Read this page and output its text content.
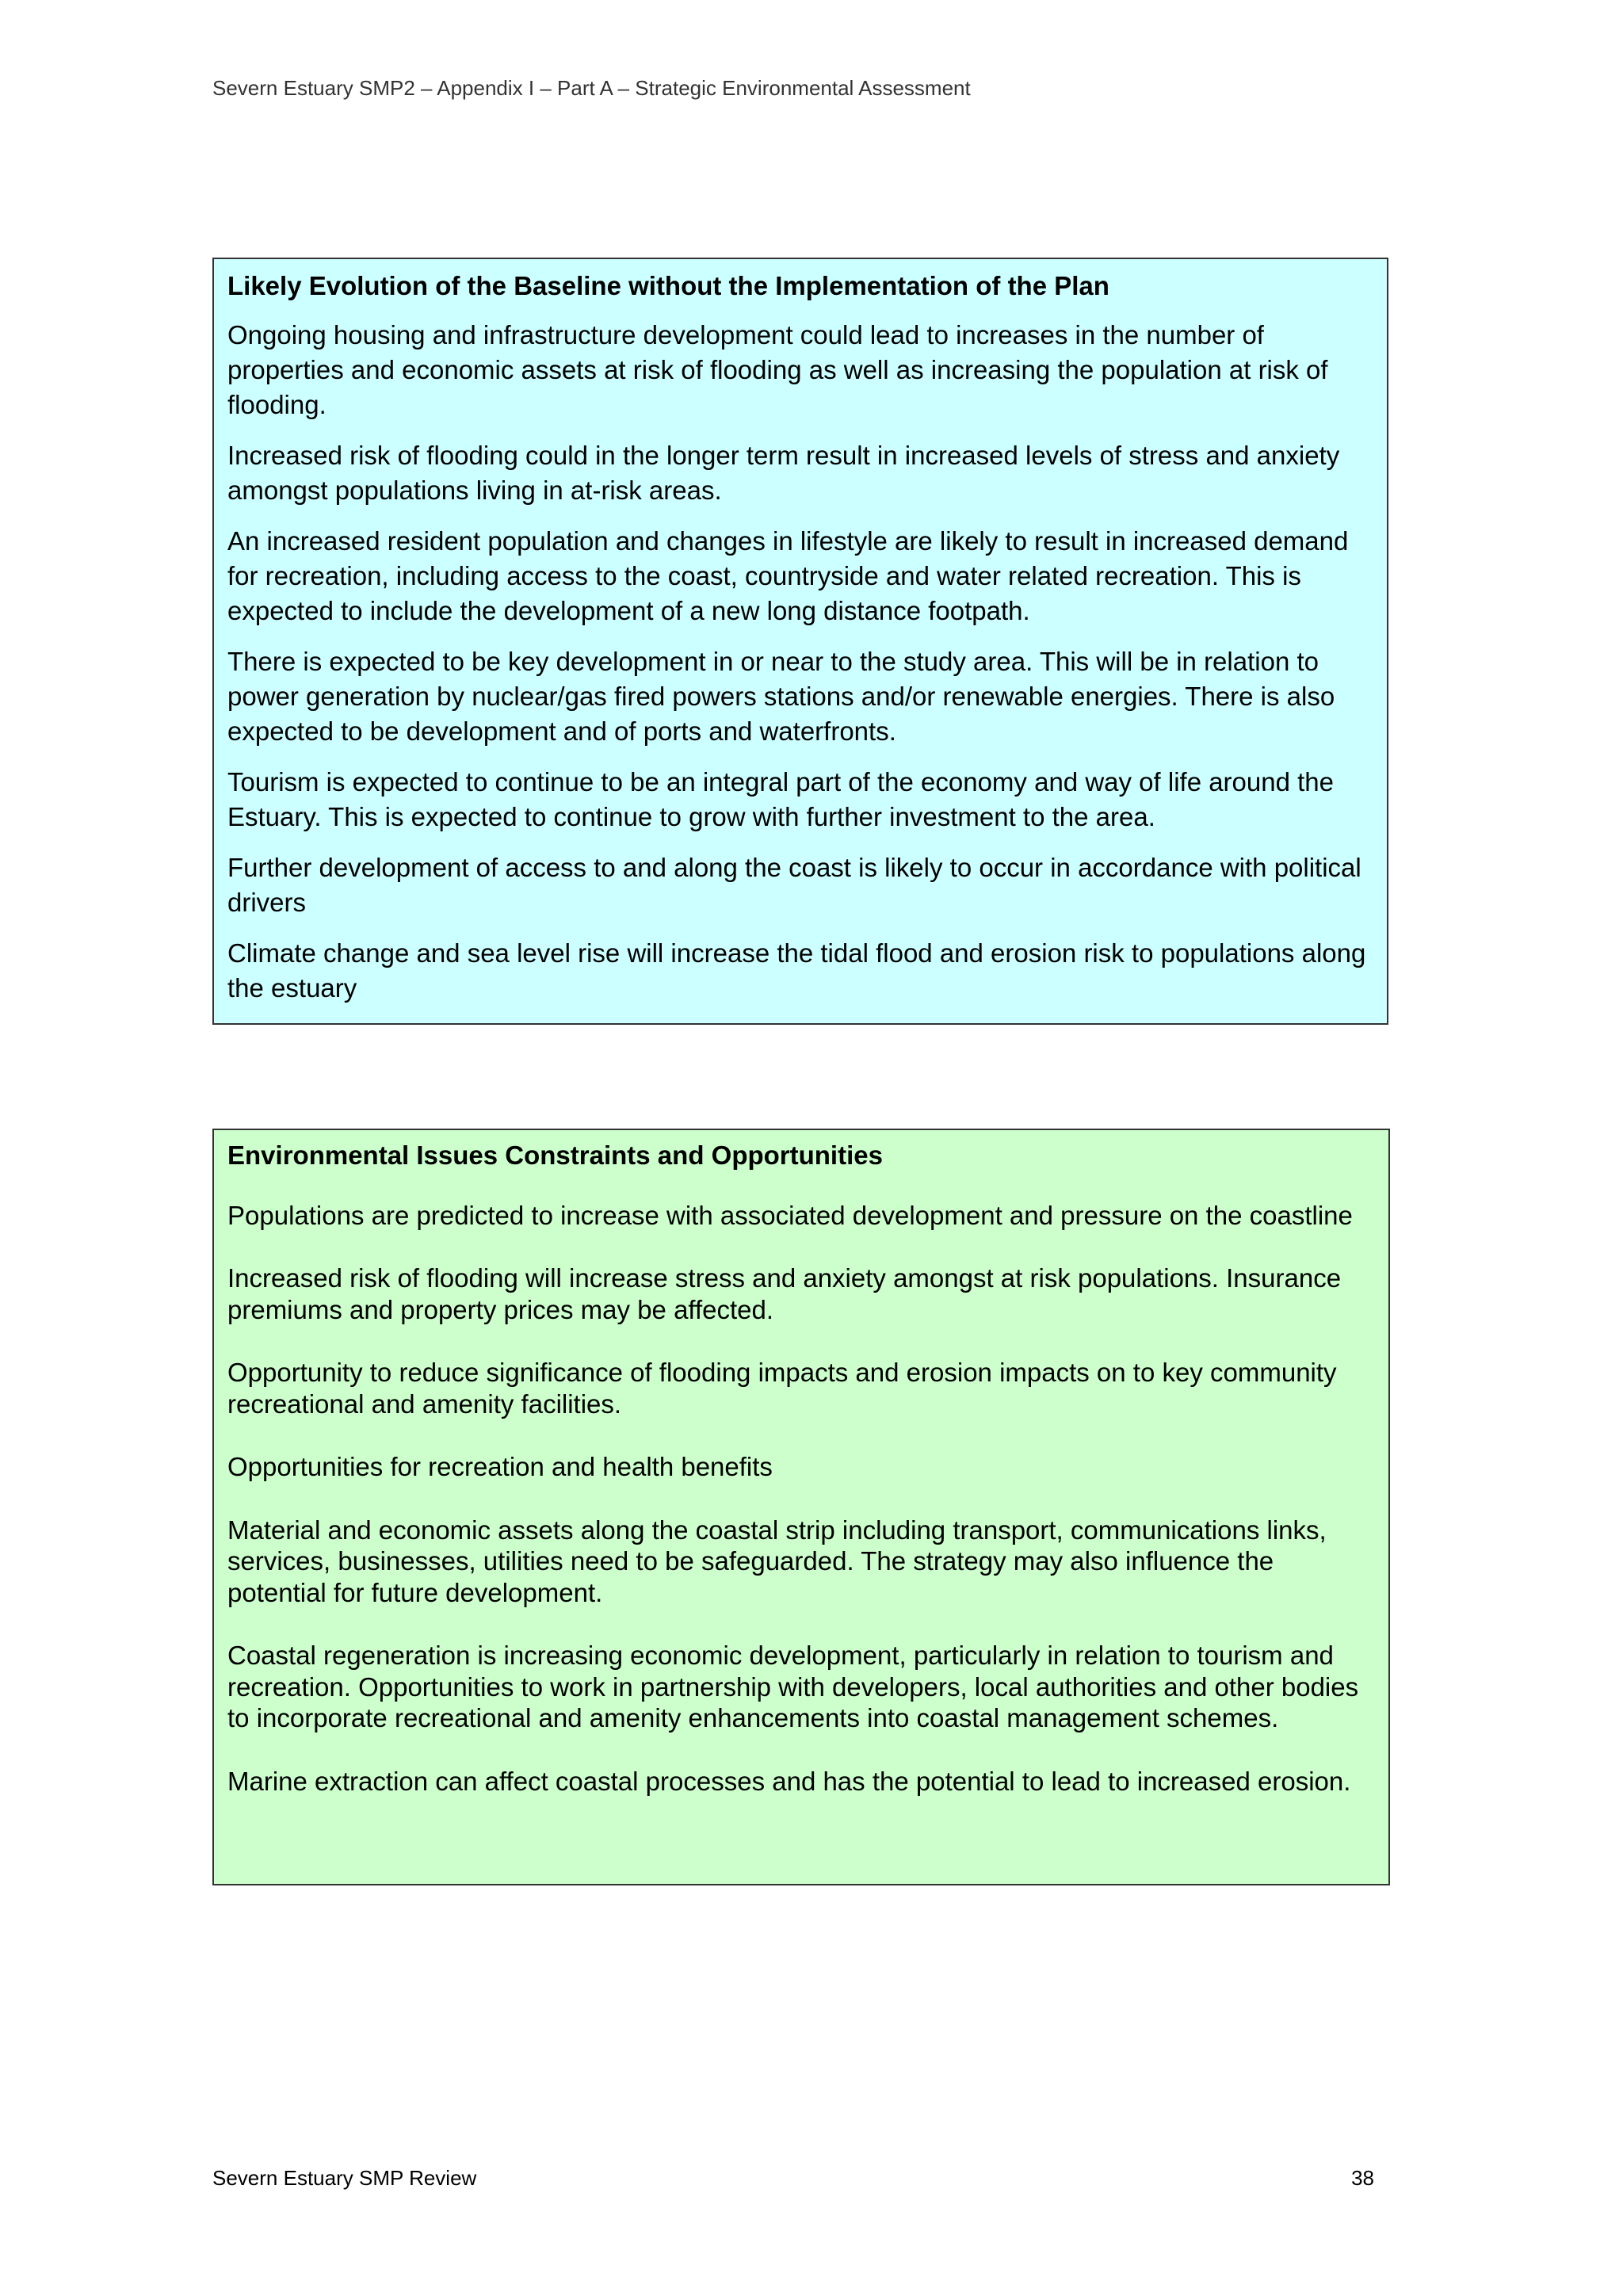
Severn Estuary SMP2 – Appendix I – Part A – Strategic Environmental Assessment

Likely Evolution of the Baseline without the Implementation of the Plan

Ongoing housing and infrastructure development could lead to increases in the number of properties and economic assets at risk of flooding as well as increasing the population at risk of flooding.

Increased risk of flooding could in the longer term result in increased levels of stress and anxiety amongst populations living in at-risk areas.

An increased resident population and changes in lifestyle are likely to result in increased demand for recreation, including access to the coast, countryside and water related recreation. This is expected to include the development of a new long distance footpath.

There is expected to be key development in or near to the study area. This will be in relation to power generation by nuclear/gas fired powers stations and/or renewable energies. There is also expected to be development and of ports and waterfronts.

Tourism is expected to continue to be an integral part of the economy and way of life around the Estuary. This is expected to continue to grow with further investment to the area.

Further development of access to and along the coast is likely to occur in accordance with political drivers

Climate change and sea level rise will increase the tidal flood and erosion risk to populations along the estuary

Environmental Issues Constraints and Opportunities

Populations are predicted to increase with associated development and pressure on the coastline

Increased risk of flooding will increase stress and anxiety amongst at risk populations. Insurance premiums and property prices may be affected.

Opportunity to reduce significance of flooding impacts and erosion impacts on to key community recreational and amenity facilities.

Opportunities for recreation and health benefits

Material and economic assets along the coastal strip including transport, communications links, services, businesses, utilities need to be safeguarded. The strategy may also influence the potential for future development.

Coastal regeneration is increasing economic development, particularly in relation to tourism and recreation. Opportunities to work in partnership with developers, local authorities and other bodies to incorporate recreational and amenity enhancements into coastal management schemes.

Marine extraction can affect coastal processes and has the potential to lead to increased erosion.

Severn Estuary SMP Review	38
